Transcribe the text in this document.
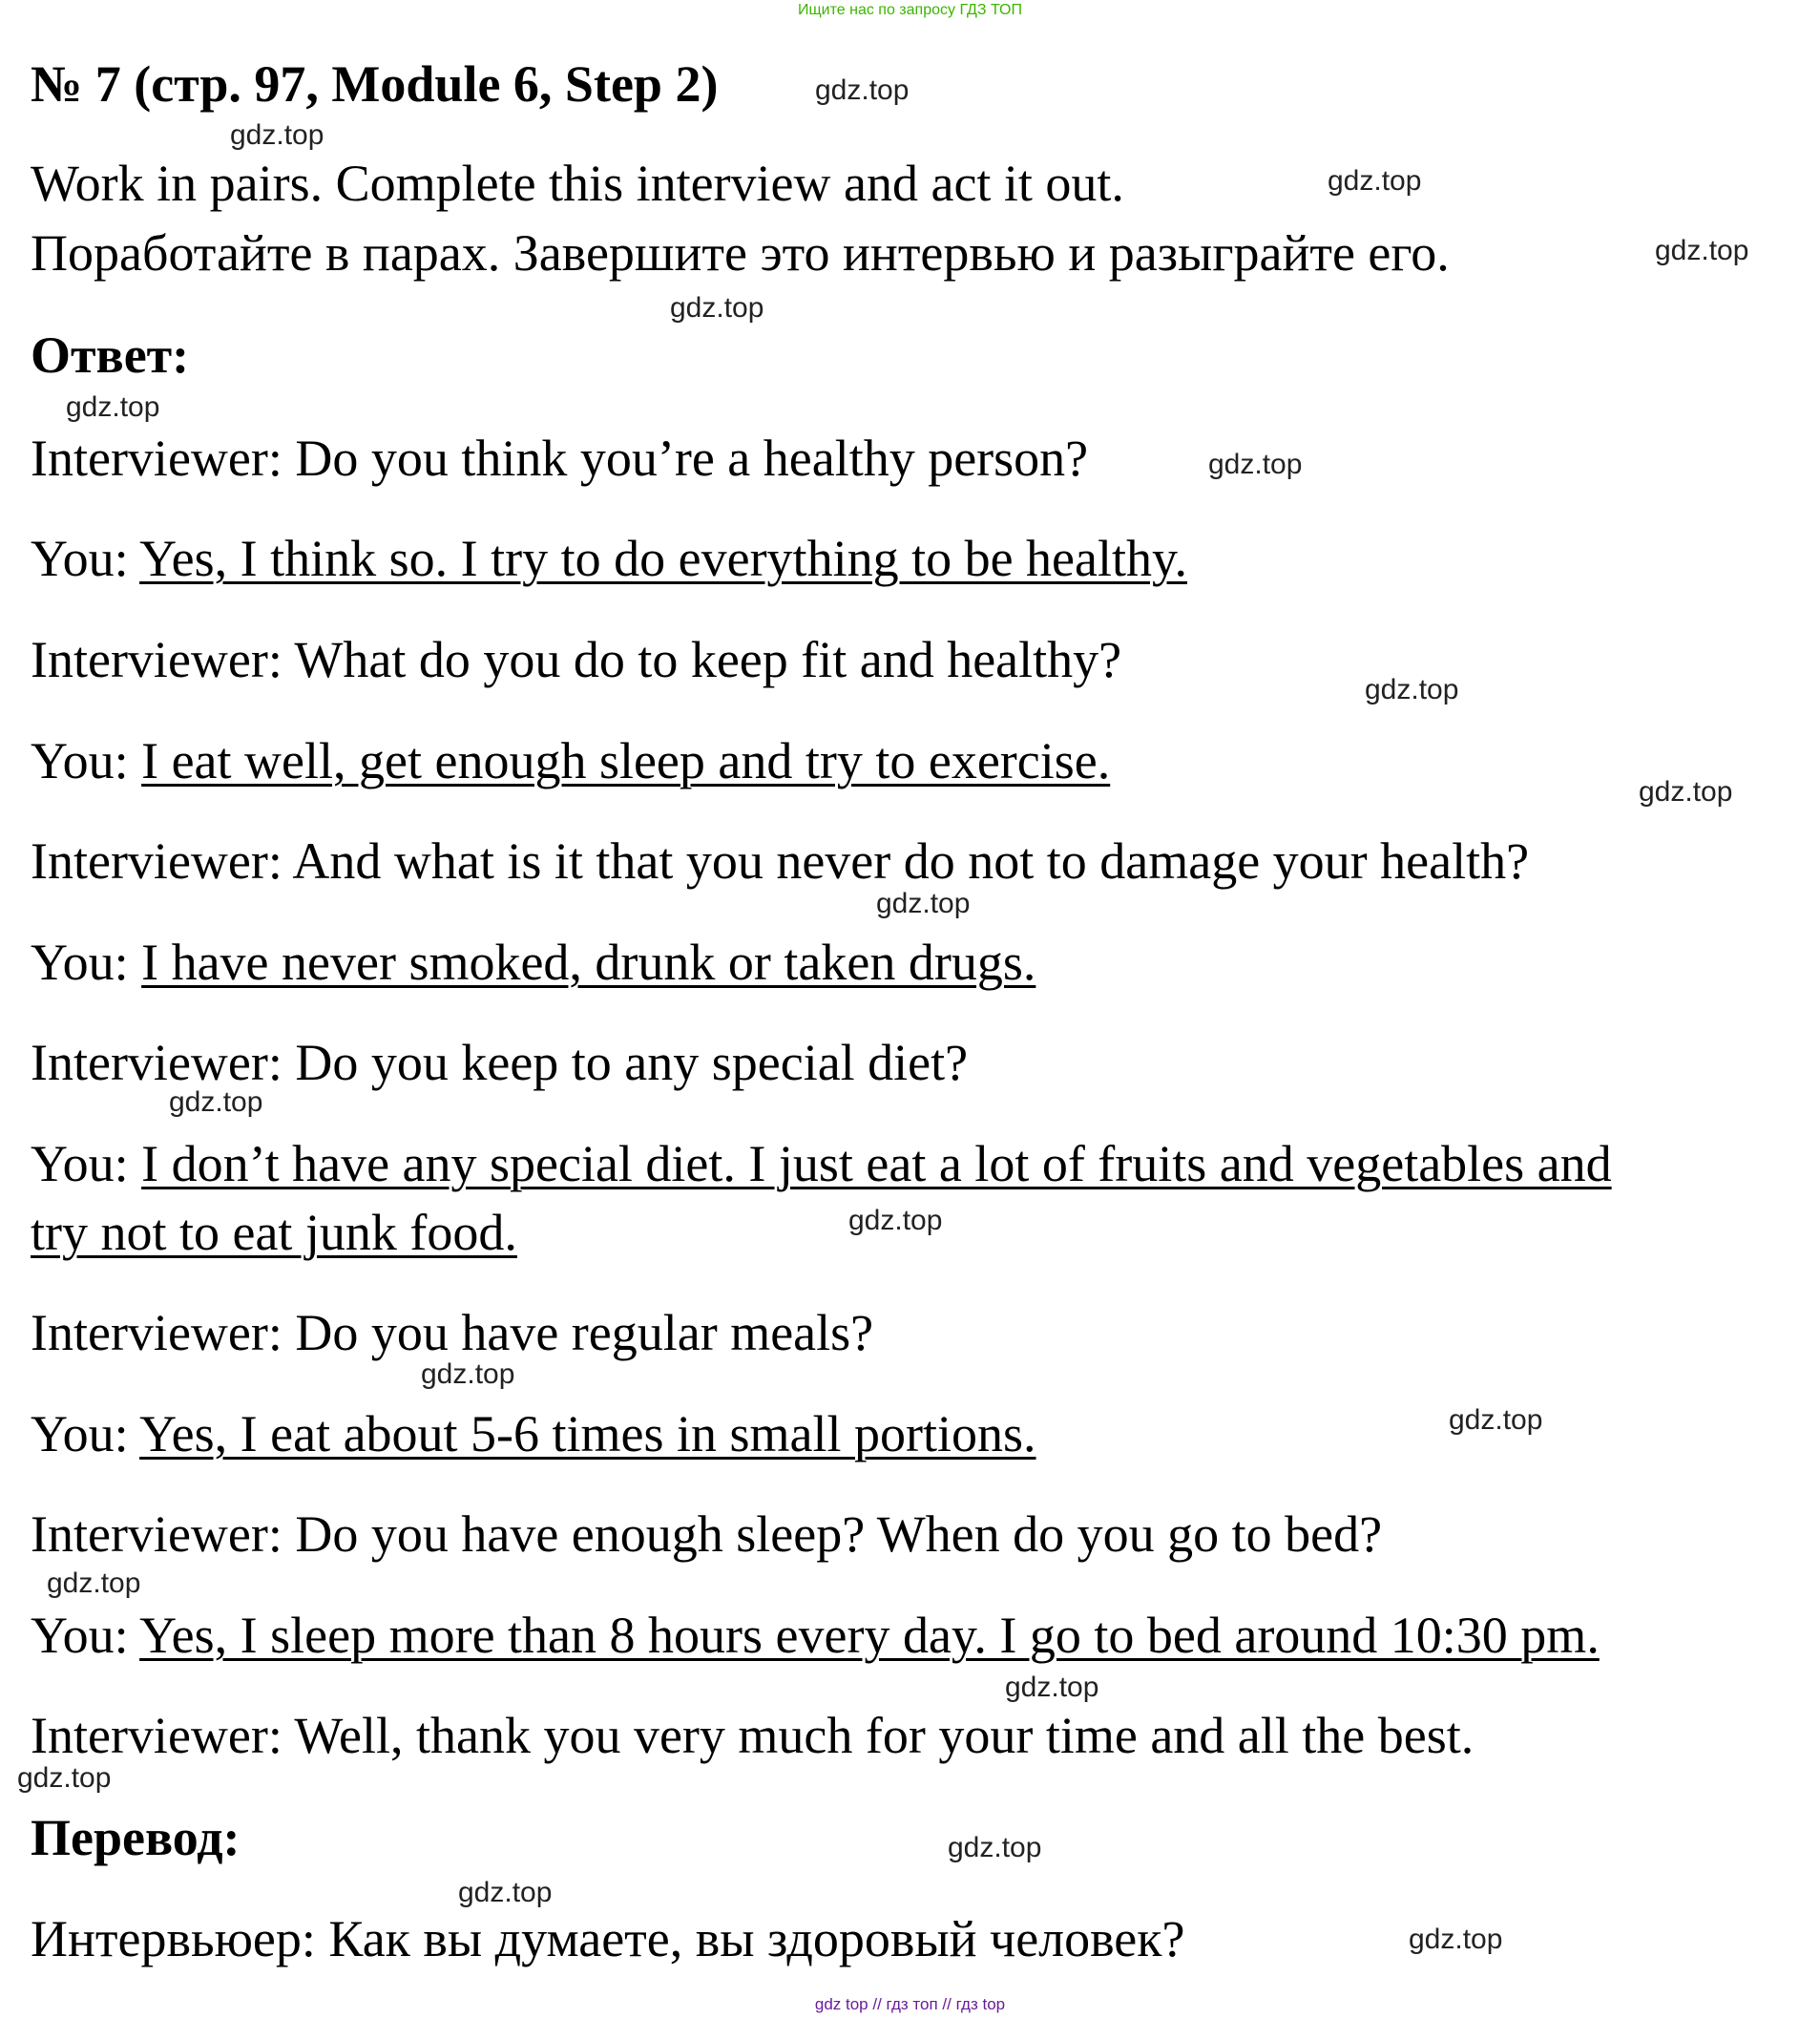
Ищите нас по запросу ГДЗ ТОП
№ 7 (стр. 97, Module 6, Step 2)

Work in pairs. Complete this interview and act it out.

Поработайте в парах. Завершите это интервью и разыграйте его.

Ответ:

Interviewer: Do you think you’re a healthy person?

You: Yes, I think so. I try to do everything to be healthy.

Interviewer: What do you do to keep fit and healthy?

You: I eat well, get enough sleep and try to exercise.

Interviewer: And what is it that you never do not to damage your health?

You: I have never smoked, drunk or taken drugs.

Interviewer: Do you keep to any special diet?

You: I don’t have any special diet. I just eat a lot of fruits and vegetables and

try not to eat junk food.

Interviewer: Do you have regular meals?

You: Yes, I eat about 5-6 times in small portions.

Interviewer: Do you have enough sleep? When do you go to bed?

You: Yes, I sleep more than 8 hours every day. I go to bed around 10:30 pm.

Interviewer: Well, thank you very much for your time and all the best.

Перевод:

Интервьюер: Как вы думаете, вы здоровый человек?

gdz.top
gdz.top
gdz.top
gdz.top
gdz.top
gdz.top
gdz.top
gdz.top
gdz.top
gdz.top
gdz.top
gdz.top
gdz.top
gdz.top
gdz.top
gdz.top
gdz.top
gdz.top
gdz.top
gdz.top
gdz top // гдз топ // гдз top
